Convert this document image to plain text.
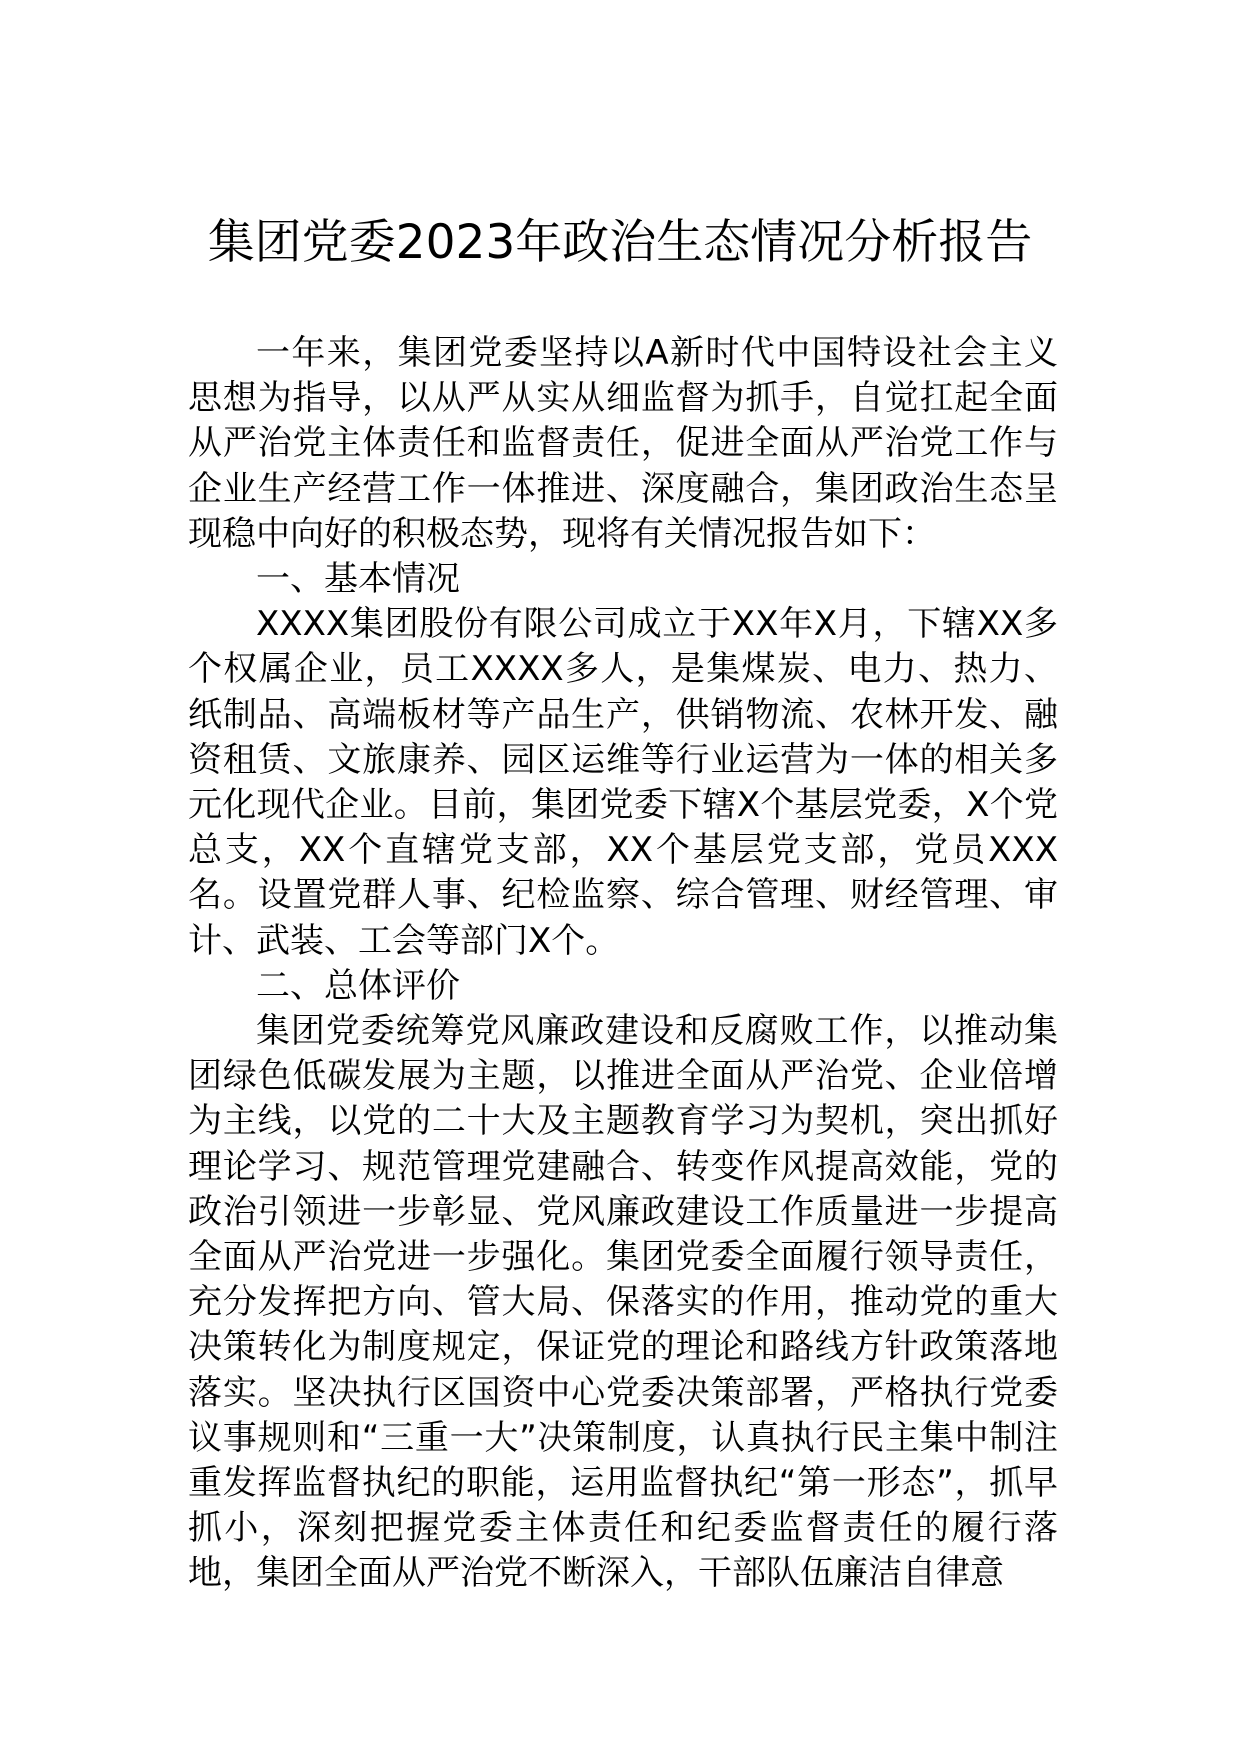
集团党委2023年政治生态情况分析报告

一年来，集团党委坚持以A新时代中国特设社会主义思想为指导，以从严从实从细监督为抓手，自觉扛起全面从严治党主体责任和监督责任，促进全面从严治党工作与企业生产经营工作一体推进、深度融合，集团政治生态呈现稳中向好的积极态势，现将有关情况报告如下：

一、基本情况

XXXX集团股份有限公司成立于XX年X月，下辖XX多个权属企业，员工XXXX多人，是集煤炭、电力、热力、纸制品、高端板材等产品生产，供销物流、农林开发、融资租赁、文旅康养、园区运维等行业运营为一体的相关多元化现代企业。目前，集团党委下辖X个基层党委，X个党总支，XX个直辖党支部，XX个基层党支部，党员XXX名。设置党群人事、纪检监察、综合管理、财经管理、审计、武装、工会等部门X个。

二、总体评价

集团党委统筹党风廉政建设和反腐败工作，以推动集团绿色低碳发展为主题，以推进全面从严治党、企业倍增为主线，以党的二十大及主题教育学习为契机，突出抓好理论学习、规范管理党建融合、转变作风提高效能，党的政治引领进一步彰显、党风廉政建设工作质量进一步提高全面从严治党进一步强化。集团党委全面履行领导责任，充分发挥把方向、管大局、保落实的作用，推动党的重大决策转化为制度规定，保证党的理论和路线方针政策落地落实。坚决执行区国资中心党委决策部署，严格执行党委议事规则和“三重一大”决策制度，认真执行民主集中制注重发挥监督执纪的职能，运用监督执纪“第一形态”，抓早抓小，深刻把握党委主体责任和纪委监督责任的履行落地，集团全面从严治党不断深入，干部队伍廉洁自律意
